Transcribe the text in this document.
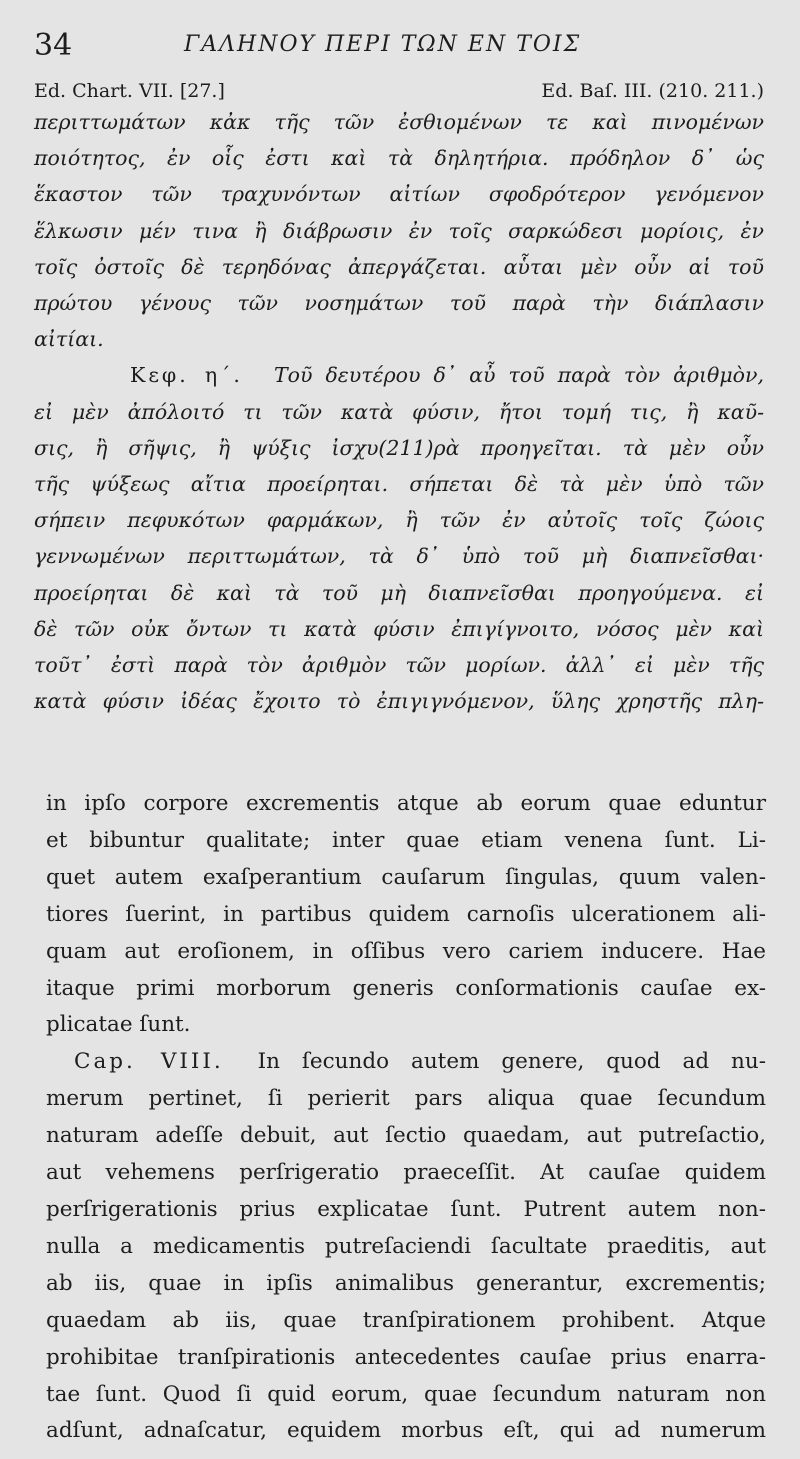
34	ΓΑΛΗΝΟΥ ΠΕΡΙ ΤΩΝ ΕΝ ΤΟΙΣ
Ed. Chart. VII. [27.]	Ed. Baſ. III. (210. 211.)
περιττωμάτων κἀκ τῆς τῶν ἐσθιομένων τε καὶ πινομένων
ποιότητος, ἐν οἷς ἐστι καὶ τὰ δηλητήρια. πρόδηλον δ᾽ ὡς
ἕκαστον τῶν τραχυνόντων αἰτίων σφοδρότερον γενόμενον
ἕλκωσιν μέν τινα ἢ διάβρωσιν ἐν τοῖς σαρκώδεσι μορίοις, ἐν
τοῖς ὀστοῖς δὲ τερηδόνας ἀπεργάζεται. αὗται μὲν οὖν αἱ τοῦ
πρώτου γένους τῶν νοσημάτων τοῦ παρὰ τὴν διάπλασιν
αἰτίαι.
Κεφ. η΄. Τοῦ δευτέρου δ᾽ αὖ τοῦ παρὰ τὸν ἀριθμὸν,
εἰ μὲν ἀπόλοιτό τι τῶν κατὰ φύσιν, ἤτοι τομή τις, ἢ καῦ-
σις, ἢ σῆψις, ἢ ψύξις ἰσχυ(211)ρὰ προηγεῖται. τὰ μὲν οὖν
τῆς ψύξεως αἴτια προείρηται. σήπεται δὲ τὰ μὲν ὑπὸ τῶν
σήπειν πεφυκότων φαρμάκων, ἢ τῶν ἐν αὐτοῖς τοῖς ζώοις
γεννωμένων περιττωμάτων, τὰ δ᾽ ὑπὸ τοῦ μὴ διαπνεῖσθαι·
προείρηται δὲ καὶ τὰ τοῦ μὴ διαπνεῖσθαι προηγούμενα. εἰ
δὲ τῶν οὐκ ὄντων τι κατὰ φύσιν ἐπιγίγνοιτο, νόσος μὲν καὶ
τοῦτ᾽ ἐστὶ παρὰ τὸν ἀριθμὸν τῶν μορίων. ἀλλ᾽ εἰ μὲν τῆς
κατὰ φύσιν ἰδέας ἔχοιτο τὸ ἐπιγιγνόμενον, ὕλης χρηστῆς πλη-
in ipſo corpore excrementis atque ab eorum quae eduntur
et bibuntur qualitate; inter quae etiam venena ſunt. Li-
quet autem exaſperantium cauſarum ſingulas, quum valen-
tiores ſuerint, in partibus quidem carnoſis ulcerationem ali-
quam aut eroſionem, in oſſibus vero cariem inducere. Hae
itaque primi morborum generis conſormationis cauſae ex-
plicatae ſunt.
Cap. VIII. In ſecundo autem genere, quod ad nu-
merum pertinet, ſi perierit pars aliqua quae ſecundum
naturam adeſſe debuit, aut ſectio quaedam, aut putreſactio,
aut vehemens perſrigeratio praeceſſit. At cauſae quidem
perſrigerationis prius explicatae ſunt. Putrent autem non-
nulla a medicamentis putreſaciendi ſacultate praeditis, aut
ab iis, quae in ipſis animalibus generantur, excrementis;
quaedam ab iis, quae tranſpirationem prohibent. Atque
prohibitae tranſpirationis antecedentes cauſae prius enarra-
tae ſunt. Quod ſi quid eorum, quae ſecundum naturam non
adſunt, adnaſcatur, equidem morbus eſt, qui ad numerum
